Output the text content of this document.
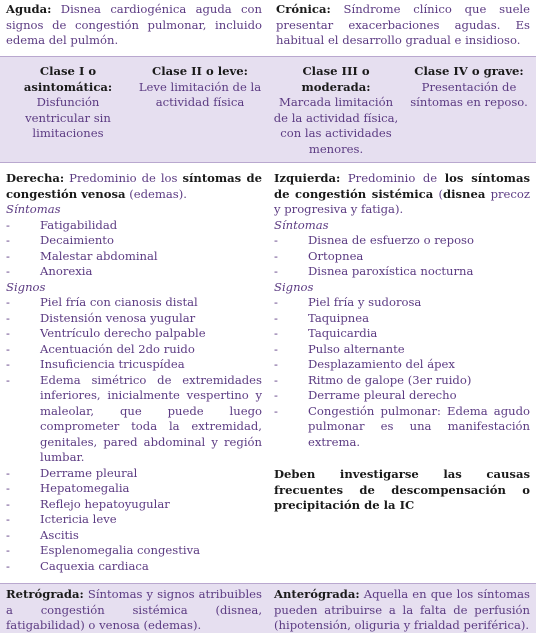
Aguda: Disnea cardiogénica aguda con signos de congestión pulmonar, incluido edema del pulmón.
Crónica: Síndrome clínico que suele presentar exacerbaciones agudas. Es habitual el desarrollo gradual e insidioso.
Clase I o
asintomática:
Disfunción
ventricular sin
limitaciones
Clase II o leve:
Leve limitación de la
actividad física
Clase III o
moderada:
Marcada limitación
de la actividad física,
con las actividades
menores.
Clase IV o grave:
Presentación de
síntomas en reposo.
Derecha: Predominio de los síntomas de congestión venosa (edemas).
Síntomas
- Fatigabilidad
- Decaimiento
- Malestar abdominal
- Anorexia
Signos
- Piel fría con cianosis distal
- Distensión venosa yugular
- Ventrículo derecho palpable
- Acentuación del 2do ruido
- Insuficiencia tricuspídea
- Edema simétrico de extremidades inferiores, inicialmente vespertino y maleolar, que puede luego comprometer toda la extremidad, genitales, pared abdominal y región lumbar.
- Derrame pleural
- Hepatomegalia
- Reflejo hepatoyugular
- Ictericia leve
- Ascitis
- Esplenomegalia congestiva
- Caquexia cardiaca
Izquierda: Predominio de los síntomas de congestión sistémica (disnea precoz y progresiva y fatiga).
Síntomas
- Disnea de esfuerzo o reposo
- Ortopnea
- Disnea paroxística nocturna
Signos
- Piel fría y sudorosa
- Taquipnea
- Taquicardia
- Pulso alternante
- Desplazamiento del ápex
- Ritmo de galope (3er ruido)
- Derrame pleural derecho
- Congestión pulmonar: Edema agudo pulmonar es una manifestación extrema.
Deben investigarse las causas frecuentes de descompensación o precipitación de la IC
Retrógrada: Síntomas y signos atribuibles a congestión sistémica (disnea, fatigabilidad) o venosa (edemas).
Anterógrada: Aquella en que los síntomas pueden atribuirse a la falta de perfusión (hipotensión, oliguria y frialdad periférica).
